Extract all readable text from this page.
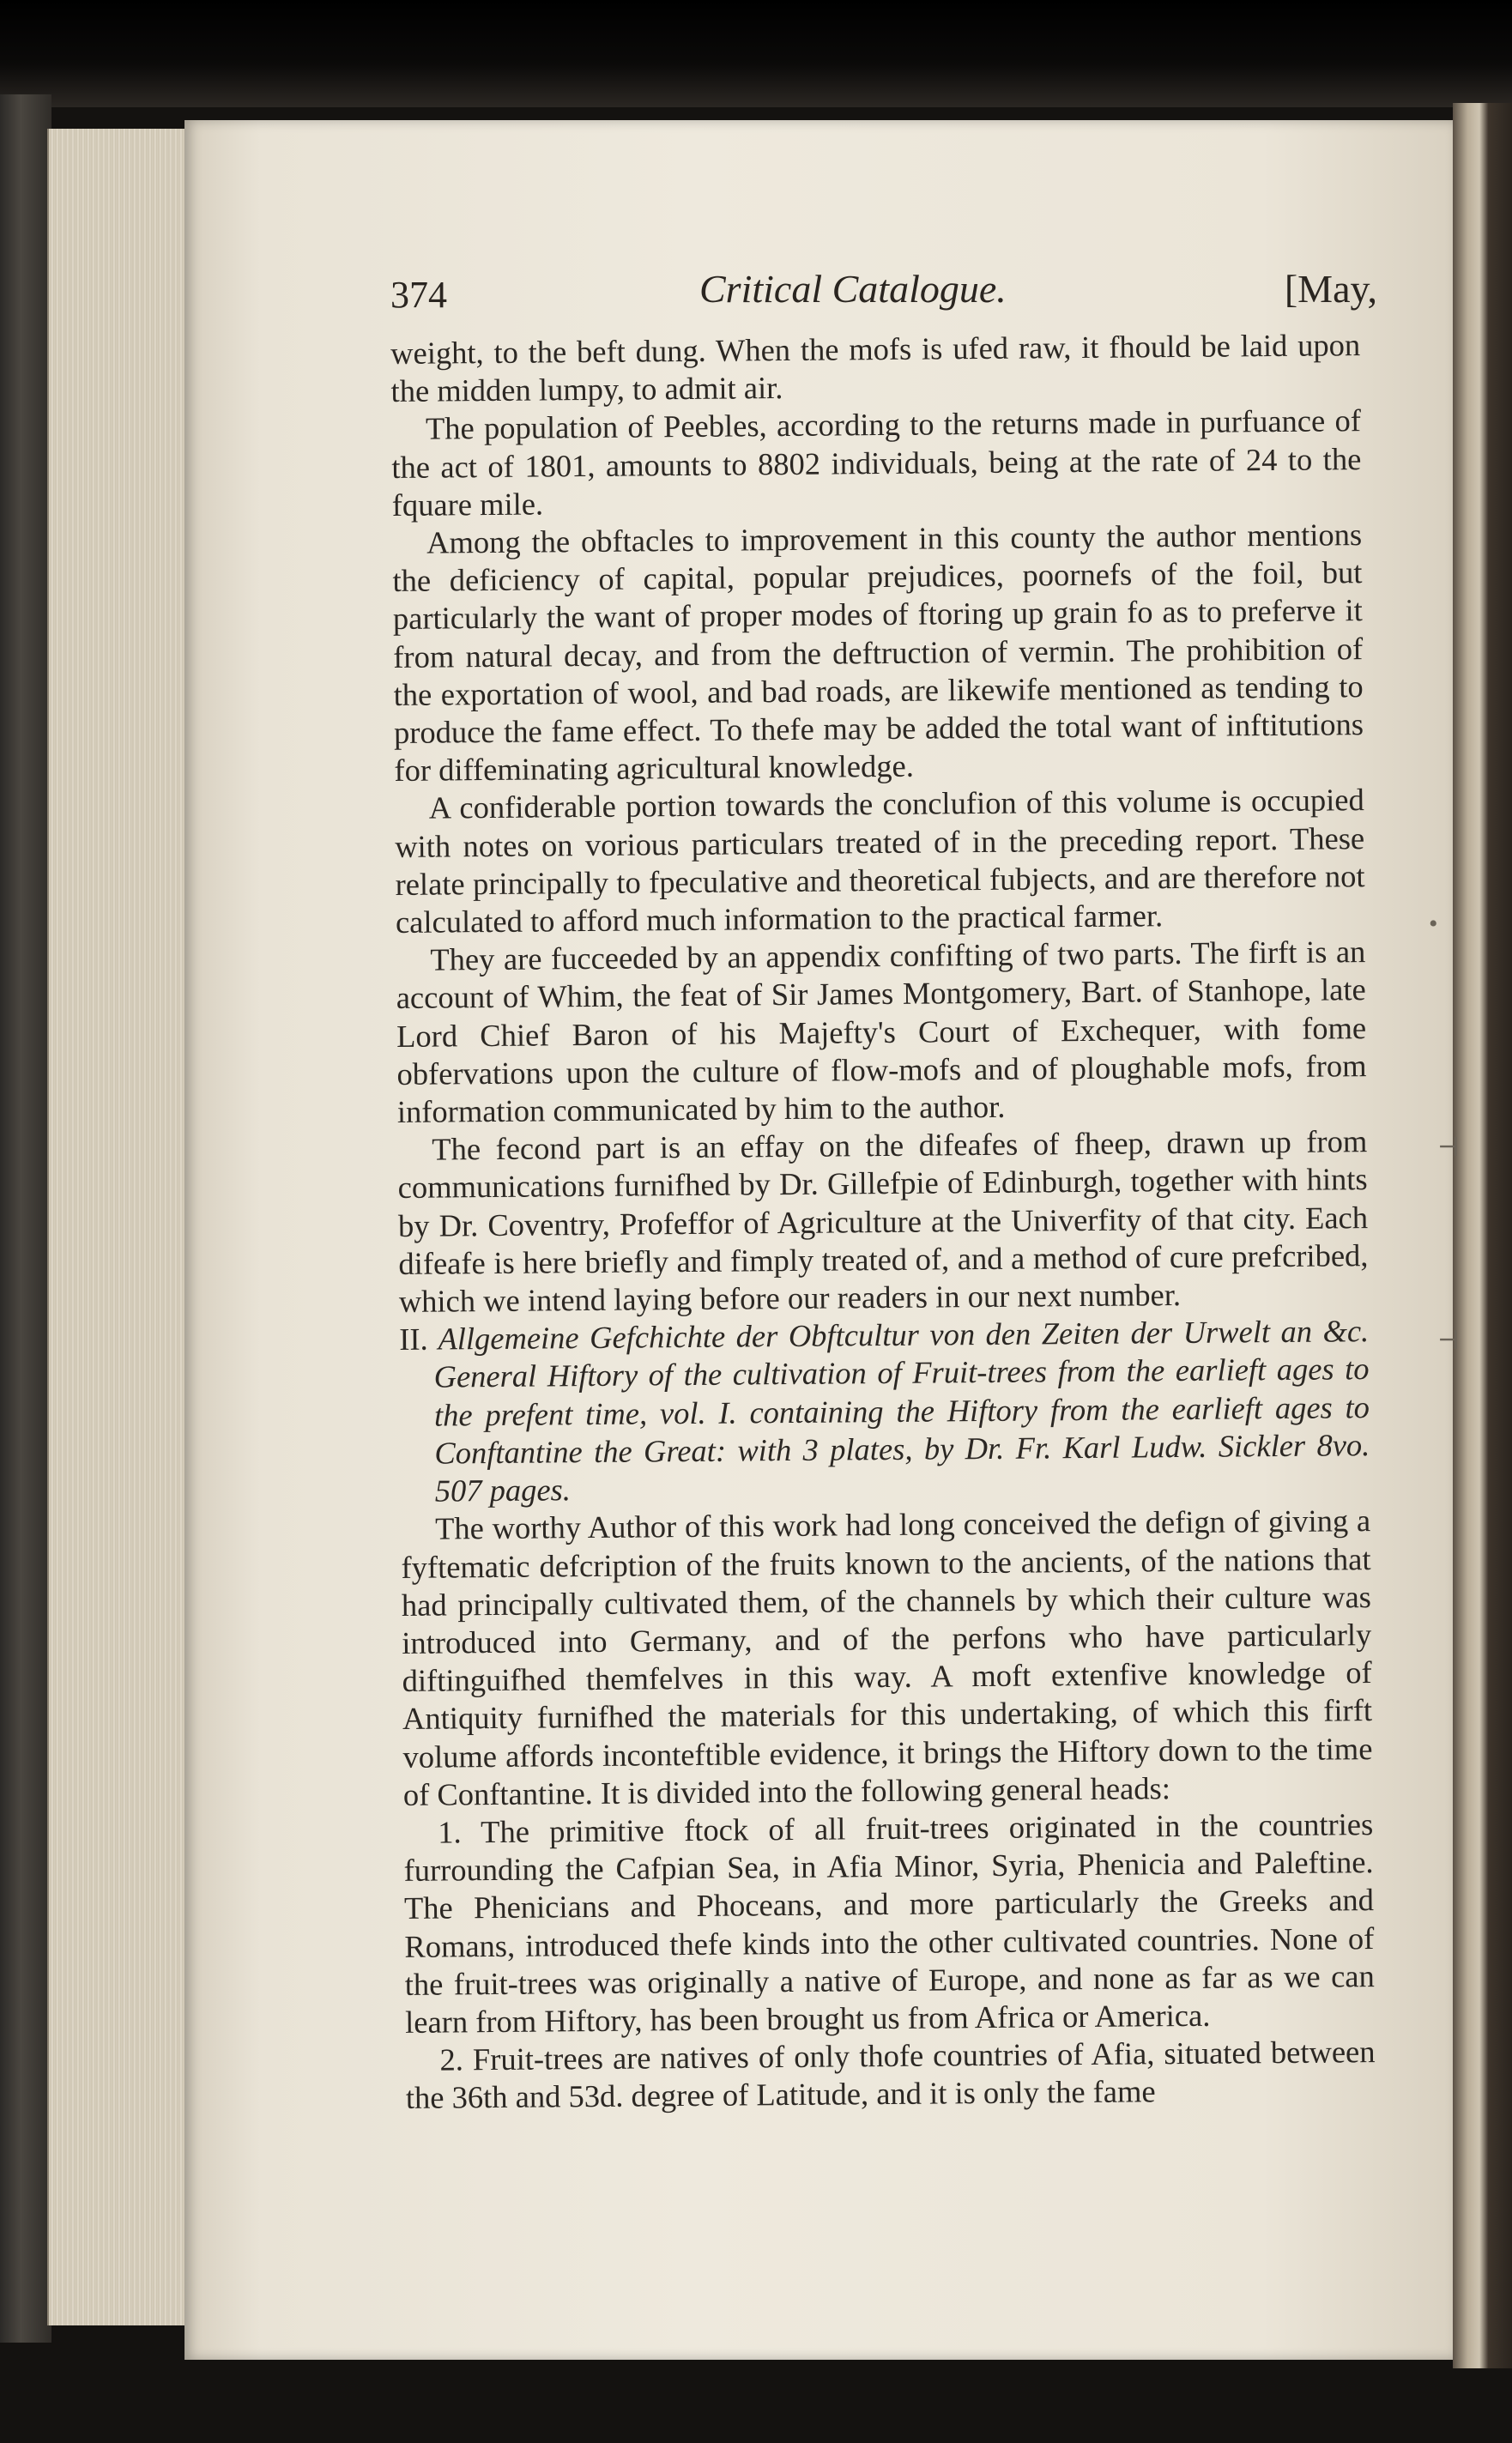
374	Critical Catalogue.	[May,

weight, to the beft dung. When the mofs is ufed raw, it fhould be laid upon the midden lumpy, to admit air.

The population of Peebles, according to the returns made in purfuance of the act of 1801, amounts to 8802 individuals, being at the rate of 24 to the fquare mile.

Among the obftacles to improvement in this county the author mentions the deficiency of capital, popular prejudices, poornefs of the foil, but particularly the want of proper modes of ftoring up grain fo as to preferve it from natural decay, and from the deftruction of vermin. The prohibition of the exportation of wool, and bad roads, are likewife mentioned as tending to produce the fame effect. To thefe may be added the total want of inftitutions for diffeminating agricultural knowledge.

A confiderable portion towards the conclufion of this volume is occupied with notes on vorious particulars treated of in the preceding report. These relate principally to fpeculative and theoretical fubjects, and are therefore not calculated to afford much information to the practical farmer.

They are fucceeded by an appendix confifting of two parts. The firft is an account of Whim, the feat of Sir James Montgomery, Bart. of Stanhope, late Lord Chief Baron of his Majefty's Court of Exchequer, with fome obfervations upon the culture of flow-mofs and of ploughable mofs, from information communicated by him to the author.

The fecond part is an effay on the difeafes of fheep, drawn up from communications furnifhed by Dr. Gillefpie of Edinburgh, together with hints by Dr. Coventry, Profeffor of Agriculture at the Univerfity of that city. Each difeafe is here briefly and fimply treated of, and a method of cure prefcribed, which we intend laying before our readers in our next number.

II. Allgemeine Gefchichte der Obftcultur von den Zeiten der Urwelt an &c. General Hiftory of the cultivation of Fruit-trees from the earlieft ages to the prefent time, vol. I. containing the Hiftory from the earlieft ages to Conftantine the Great: with 3 plates, by Dr. Fr. Karl Ludw. Sickler 8vo. 507 pages.

The worthy Author of this work had long conceived the defign of giving a fyftematic defcription of the fruits known to the ancients, of the nations that had principally cultivated them, of the channels by which their culture was introduced into Germany, and of the perfons who have particularly diftinguifhed themfelves in this way. A moft extenfive knowledge of Antiquity furnifhed the materials for this undertaking, of which this firft volume affords inconteftible evidence, it brings the Hiftory down to the time of Conftantine. It is divided into the following general heads:

1. The primitive ftock of all fruit-trees originated in the countries furrounding the Cafpian Sea, in Afia Minor, Syria, Phenicia and Paleftine. The Phenicians and Phoceans, and more particularly the Greeks and Romans, introduced thefe kinds into the other cultivated countries. None of the fruit-trees was originally a native of Europe, and none as far as we can learn from Hiftory, has been brought us from Africa or America.

2. Fruit-trees are natives of only thofe countries of Afia, situated between the 36th and 53d. degree of Latitude, and it is only the fame

•
⊣
⊣
